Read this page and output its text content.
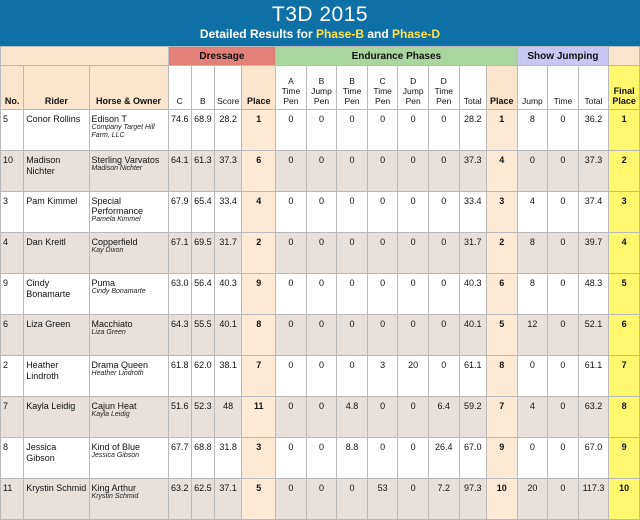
T3D 2015
Detailed Results for Phase-B and Phase-D
			Dressage				Endurance Phases								Show Jumping			
No.	Rider	Horse & Owner	C	B	Score	Place	A Time Pen	B Jump Pen	B Time Pen	C Time Pen	D Jump Pen	D Time Pen	Total	Place	Jump	Time	Total	Final Place
5	Conor Rollins	Edison T
Company Target Hill Farm, LLC	74.6	68.9	28.2	1	0	0	0	0	0	0	28.2	1	8	0	36.2	1
10	Madison Nichter	Sterling Varvatos
Madison Nichter	64.1	61.3	37.3	6	0	0	0	0	0	0	37.3	4	0	0	37.3	2
3	Pam Kimmel	Special Performance
Pamela Kimmel	67.9	65.4	33.4	4	0	0	0	0	0	0	33.4	3	4	0	37.4	3
4	Dan Kreitl	Copperfield
Kay Dixon	67.1	69.5	31.7	2	0	0	0	0	0	0	31.7	2	8	0	39.7	4
9	Cindy Bonamarte	Puma
Cindy Bonamarte	63.0	56.4	40.3	9	0	0	0	0	0	0	40.3	6	8	0	48.3	5
6	Liza Green	Macchiato
Liza Green	64.3	55.5	40.1	8	0	0	0	0	0	0	40.1	5	12	0	52.1	6
2	Heather Lindroth	Drama Queen
Heather Lindroth	61.8	62.0	38.1	7	0	0	0	3	20	0	61.1	8	0	0	61.1	7
7	Kayla Leidig	Cajun Heat
Kayla Leidig	51.6	52.3	48	11	0	0	4.8	0	0	6.4	59.2	7	4	0	63.2	8
8	Jessica Gibson	Kind of Blue
Jessica Gibson	67.7	68.8	31.8	3	0	0	8.8	0	0	26.4	67.0	9	0	0	67.0	9
11	Krystin Schmid	King Arthur
Krystin Schmid	63.2	62.5	37.1	5	0	0	0	53	0	7.2	97.3	10	20	0	117.3	10
